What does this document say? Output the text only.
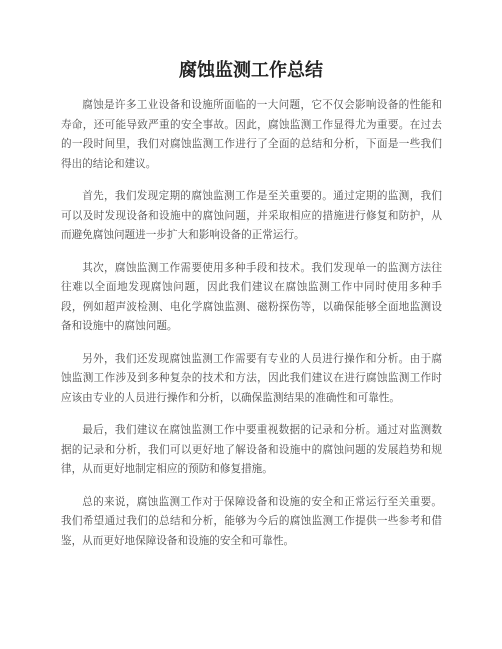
腐蚀监测工作总结

腐蚀是许多工业设备和设施所面临的一大问题，它不仅会影响设备的性能和寿命，还可能导致严重的安全事故。因此，腐蚀监测工作显得尤为重要。在过去的一段时间里，我们对腐蚀监测工作进行了全面的总结和分析，下面是一些我们得出的结论和建议。

首先，我们发现定期的腐蚀监测工作是至关重要的。通过定期的监测，我们可以及时发现设备和设施中的腐蚀问题，并采取相应的措施进行修复和防护，从而避免腐蚀问题进一步扩大和影响设备的正常运行。

其次，腐蚀监测工作需要使用多种手段和技术。我们发现单一的监测方法往往难以全面地发现腐蚀问题，因此我们建议在腐蚀监测工作中同时使用多种手段，例如超声波检测、电化学腐蚀监测、磁粉探伤等，以确保能够全面地监测设备和设施中的腐蚀问题。

另外，我们还发现腐蚀监测工作需要有专业的人员进行操作和分析。由于腐蚀监测工作涉及到多种复杂的技术和方法，因此我们建议在进行腐蚀监测工作时应该由专业的人员进行操作和分析，以确保监测结果的准确性和可靠性。

最后，我们建议在腐蚀监测工作中要重视数据的记录和分析。通过对监测数据的记录和分析，我们可以更好地了解设备和设施中的腐蚀问题的发展趋势和规律，从而更好地制定相应的预防和修复措施。

总的来说，腐蚀监测工作对于保障设备和设施的安全和正常运行至关重要。我们希望通过我们的总结和分析，能够为今后的腐蚀监测工作提供一些参考和借鉴，从而更好地保障设备和设施的安全和可靠性。
